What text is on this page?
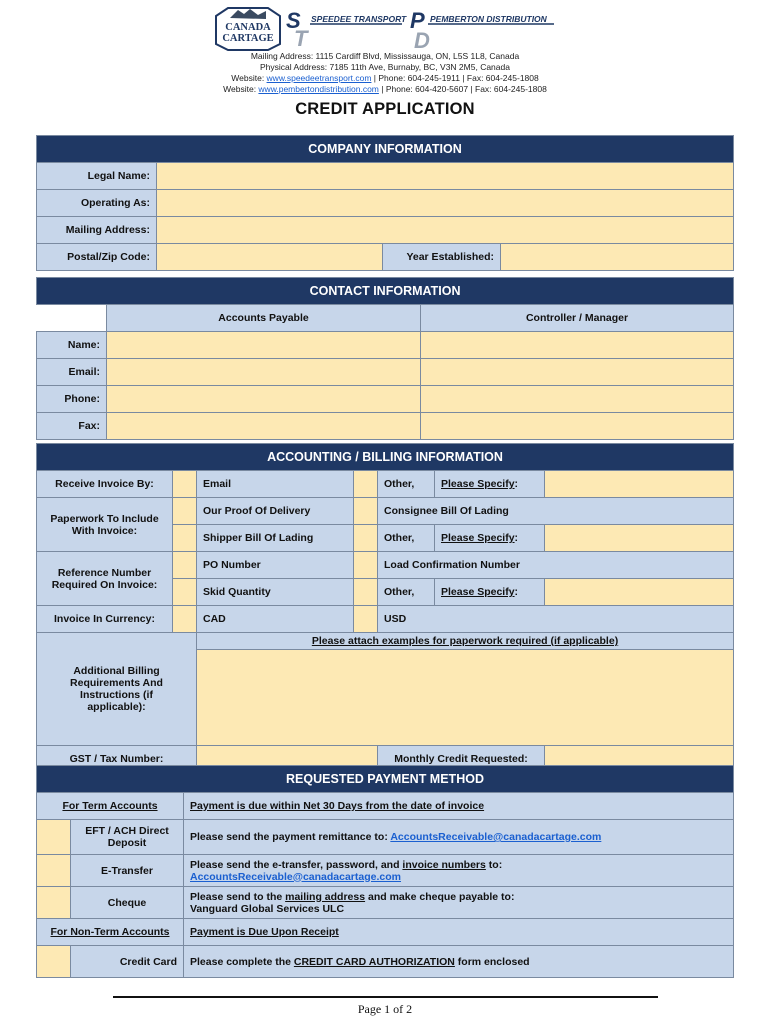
CANADA
CARTAGE
S
T
SPEEDEE TRANSPORT P
D
PEMBERTON DISTRIBUTION
Mailing Address: 1115 Cardiff Blvd, Mississauga, ON, L5S 1L8, Canada
Physical Address: 7185 11th Ave, Burnaby, BC, V3N 2M5, Canada
Website: www.speedeetransport.com | Phone: 604-245-1911 | Fax: 604-245-1808
Website: www.pembertondistribution.com | Phone: 604-420-5607 | Fax: 604-245-1808
CREDIT APPLICATION
COMPANY INFORMATION			
Legal Name:			
Operating As:			
Mailing Address:			
Postal/Zip Code:		Year Established:	
CONTACT INFORMATION		
	Accounts Payable	Controller / Manager
Name:		
Email:		
Phone:		
Fax:		
ACCOUNTING / BILLING INFORMATION						
Receive Invoice By:		Email		Other,	Please Specify:	
Paperwork To Include With Invoice:		Our Proof Of Delivery		Consignee Bill Of Lading		
		Shipper Bill Of Lading		Other,	Please Specify:	
Reference Number Required On Invoice:		PO Number		Load Confirmation Number		
		Skid Quantity		Other,	Please Specify:	
Invoice In Currency:		CAD		USD		
Additional Billing Requirements And Instructions (if applicable):		Please attach examples for paperwork required (if applicable)				

GST / Tax Number:				Monthly Credit Requested:		
REQUESTED PAYMENT METHOD		
For Term Accounts		Payment is due within Net 30 Days from the date of invoice
	EFT / ACH Direct Deposit	Please send the payment remittance to: AccountsReceivable@canadacartage.com
	E-Transfer	Please send the e-transfer, password, and invoice numbers to:
AccountsReceivable@canadacartage.com
	Cheque	Please send to the mailing address and make cheque payable to:
Vanguard Global Services ULC
For Non-Term Accounts		Payment is Due Upon Receipt
	Credit Card	Please complete the CREDIT CARD AUTHORIZATION form enclosed
Page 1 of 2
